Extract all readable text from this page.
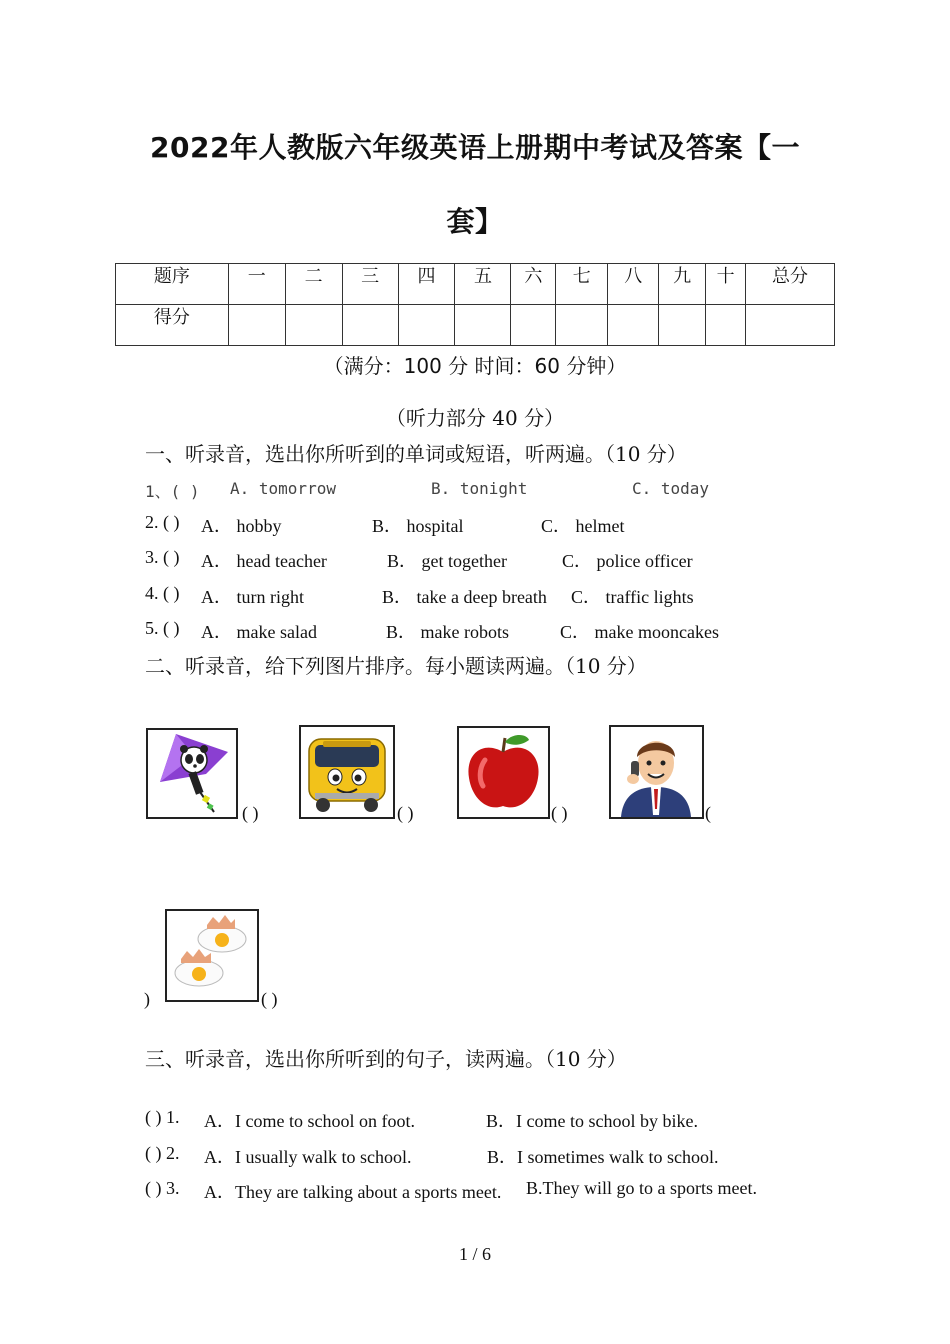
2022年人教版六年级英语上册期中考试及答案【一
套】
题序	一	二	三	四	五	六	七	八	九	十	总分
得分											
（满分：100 分 时间：60 分钟）
（听力部分 40 分）
一、听录音，选出你所听到的单词或短语，听两遍。（10 分）
1、( ) A. tomorrow	B. tonight	C. today
2. ( ) A． hobby	B． hospital	C． helmet
3. ( ) A． head teacher	B． get together	C． police officer
4. ( ) A． turn right	B． take a deep breath C． traffic lights
5. ( ) A． make salad	B． make robots	C． make mooncakes
二、听录音，给下列图片排序。每小题读两遍。（10 分）
( )	( )	( )	(
)	( )
三、听录音，选出你所听到的句子，读两遍。（10 分）
( ) 1. A．I come to school on foot.	B．I come to school by bike.
( ) 2. A．I usually walk to school.	B．I sometimes walk to school.
( ) 3. A．They are talking about a sports meet. B.They will go to a sports meet.
1 / 6
